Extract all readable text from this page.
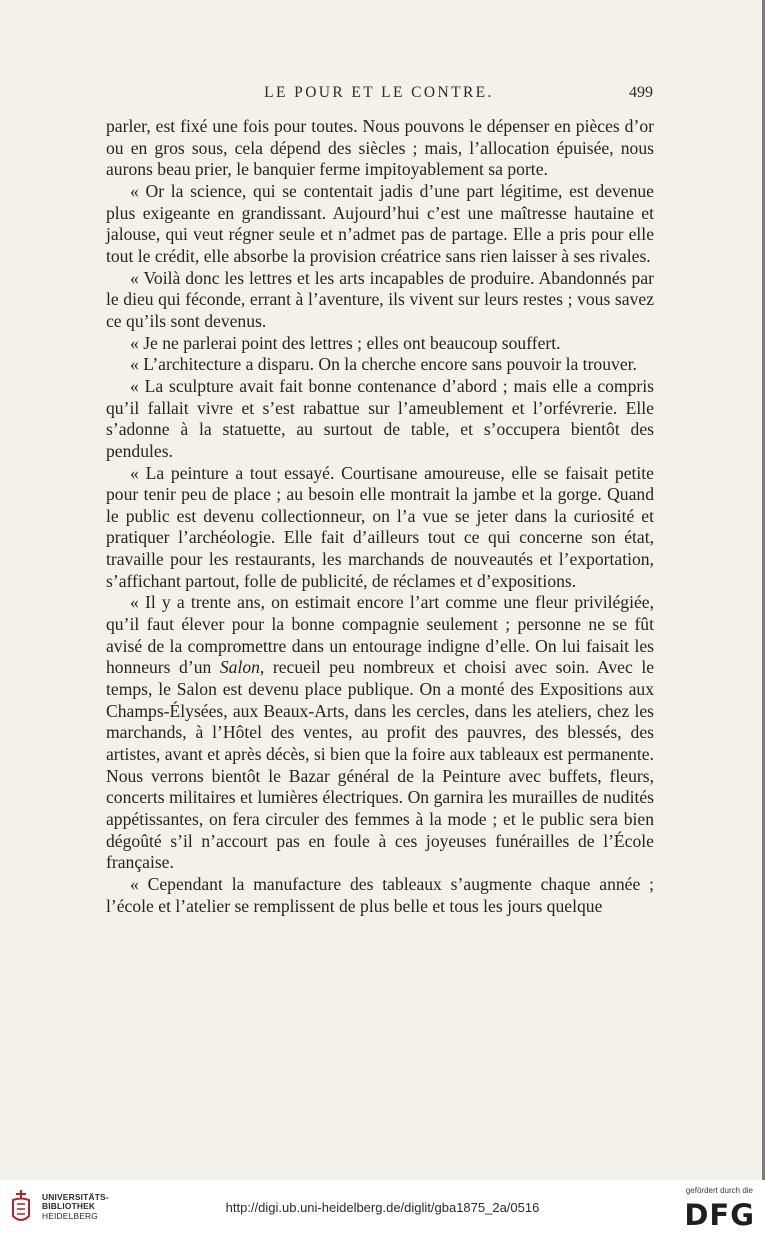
LE POUR ET LE CONTRE.	499

parler, est fixé une fois pour toutes. Nous pouvons le dépenser en pièces d’or ou en gros sous, cela dépend des siècles ; mais, l’allocation épuisée, nous aurons beau prier, le banquier ferme impitoyablement sa porte.

« Or la science, qui se contentait jadis d’une part légitime, est devenue plus exigeante en grandissant. Aujourd’hui c’est une maîtresse hautaine et jalouse, qui veut régner seule et n’admet pas de partage. Elle a pris pour elle tout le crédit, elle absorbe la provision créatrice sans rien laisser à ses rivales.

« Voilà donc les lettres et les arts incapables de produire. Abandonnés par le dieu qui féconde, errant à l’aventure, ils vivent sur leurs restes ; vous savez ce qu’ils sont devenus.

« Je ne parlerai point des lettres ; elles ont beaucoup souffert.

« L’architecture a disparu. On la cherche encore sans pouvoir la trouver.

« La sculpture avait fait bonne contenance d’abord ; mais elle a compris qu’il fallait vivre et s’est rabattue sur l’ameublement et l’orfévrerie. Elle s’adonne à la statuette, au surtout de table, et s’occupera bientôt des pendules.

« La peinture a tout essayé. Courtisane amoureuse, elle se faisait petite pour tenir peu de place ; au besoin elle montrait la jambe et la gorge. Quand le public est devenu collectionneur, on l’a vue se jeter dans la curiosité et pratiquer l’archéologie. Elle fait d’ailleurs tout ce qui concerne son état, travaille pour les restaurants, les marchands de nouveautés et l’exportation, s’affichant partout, folle de publicité, de réclames et d’expositions.

« Il y a trente ans, on estimait encore l’art comme une fleur privilégiée, qu’il faut élever pour la bonne compagnie seulement ; personne ne se fût avisé de la compromettre dans un entourage indigne d’elle. On lui faisait les honneurs d’un Salon, recueil peu nombreux et choisi avec soin. Avec le temps, le Salon est devenu place publique. On a monté des Expositions aux Champs-Élysées, aux Beaux-Arts, dans les cercles, dans les ateliers, chez les marchands, à l’Hôtel des ventes, au profit des pauvres, des blessés, des artistes, avant et après décès, si bien que la foire aux tableaux est permanente. Nous verrons bientôt le Bazar général de la Peinture avec buffets, fleurs, concerts militaires et lumières électriques. On garnira les murailles de nudités appétissantes, on fera circuler des femmes à la mode ; et le public sera bien dégoûté s’il n’accourt pas en foule à ces joyeuses funérailles de l’École française.

« Cependant la manufacture des tableaux s’augmente chaque année ; l’école et l’atelier se remplissent de plus belle et tous les jours quelque

UNIVERSITÄTS-
BIBLIOTHEK
HEIDELBERG
http://digi.ub.uni-heidelberg.de/diglit/gba1875_2a/0516
gefördert durch die
DFG
